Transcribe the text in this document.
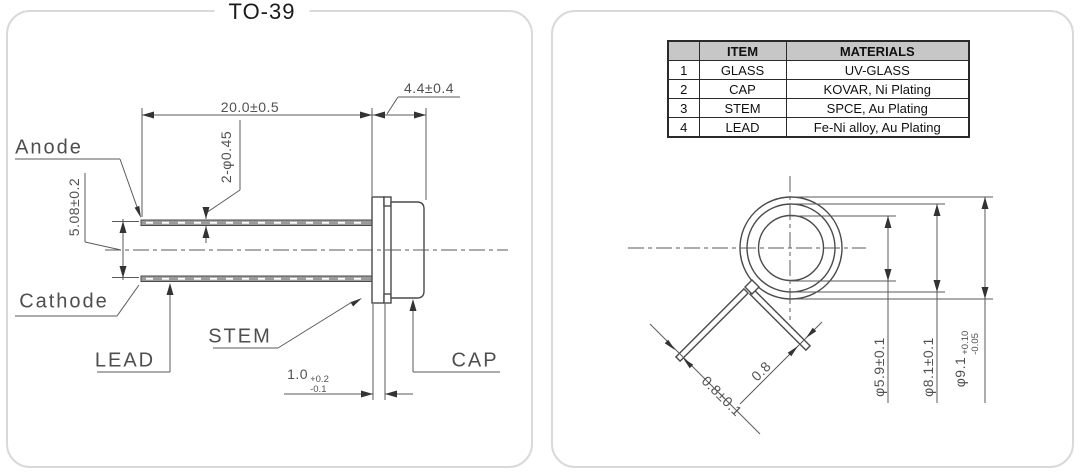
TO-39
20.0±0.5
4.4±0.4
5.08±0.2
2-φ0.45
1.0 +0.2
-0.1
Anode
Cathode
LEAD
STEM
CAP	φ5.9±0.1 φ8.1±0.1 φ9.1
+0.10 -0.05
0.8
0.8±0.1
	ITEM	MATERIALS
1	GLASS	UV-GLASS
2	CAP	KOVAR, Ni Plating
3	STEM	SPCE, Au Plating
4	LEAD	Fe-Ni alloy, Au Plating
